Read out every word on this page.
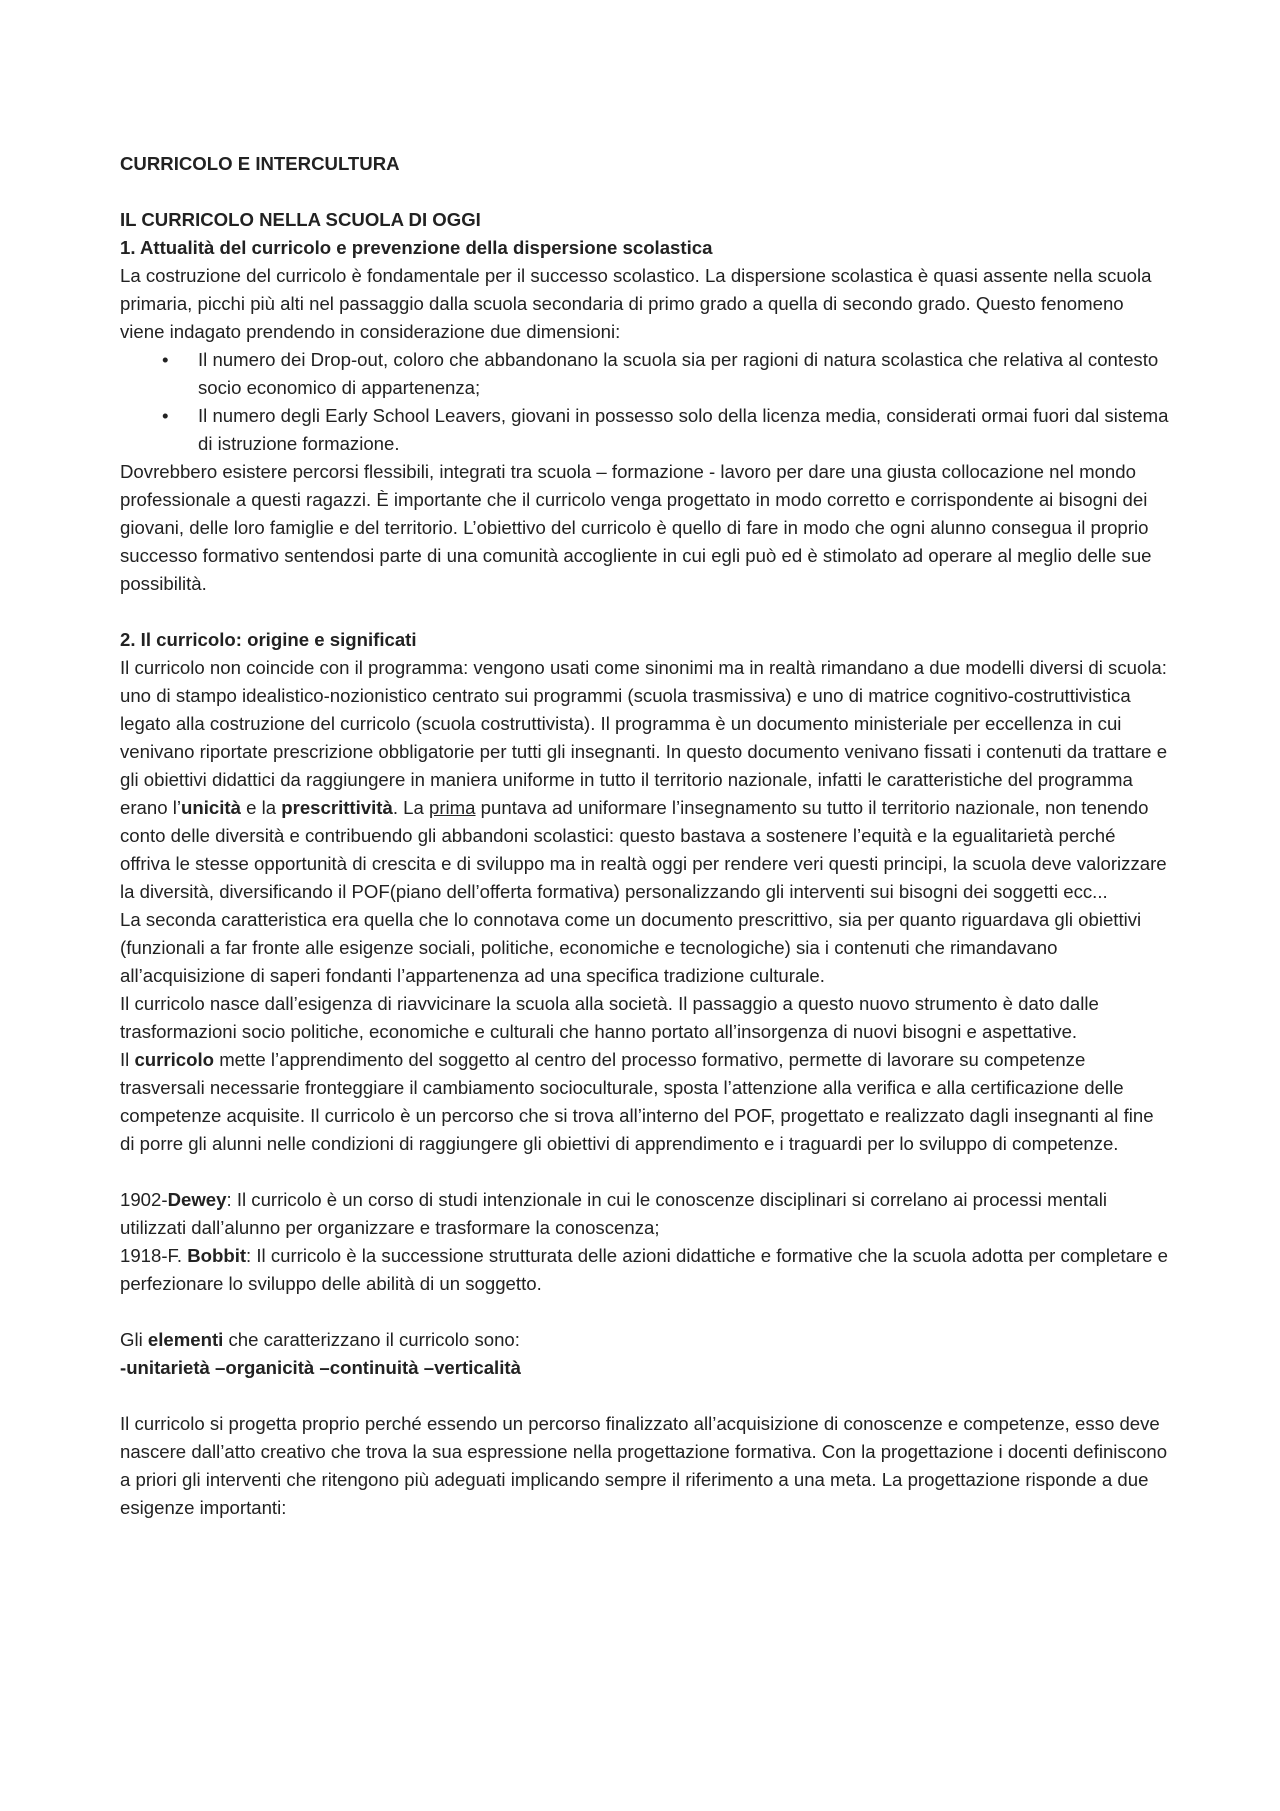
CURRICOLO E INTERCULTURA

IL CURRICOLO NELLA SCUOLA DI OGGI

1. Attualità del curricolo e prevenzione della dispersione scolastica

La costruzione del curricolo è fondamentale per il successo scolastico. La dispersione scolastica è quasi assente nella scuola primaria, picchi più alti nel passaggio dalla scuola secondaria di primo grado a quella di secondo grado. Questo fenomeno viene indagato prendendo in considerazione due dimensioni:

• Il numero dei Drop-out, coloro che abbandonano la scuola sia per ragioni di natura scolastica che relativa al contesto socio economico di appartenenza;
• Il numero degli Early School Leavers, giovani in possesso solo della licenza media, considerati ormai fuori dal sistema di istruzione formazione.

Dovrebbero esistere percorsi flessibili, integrati tra scuola – formazione - lavoro per dare una giusta collocazione nel mondo professionale a questi ragazzi. È importante che il curricolo venga progettato in modo corretto e corrispondente ai bisogni dei giovani, delle loro famiglie e del territorio. L’obiettivo del curricolo è quello di fare in modo che ogni alunno consegua il proprio successo formativo sentendosi parte di una comunità accogliente in cui egli può ed è stimolato ad operare al meglio delle sue possibilità.

2. Il curricolo: origine e significati

Il curricolo non coincide con il programma: vengono usati come sinonimi ma in realtà rimandano a due modelli diversi di scuola: uno di stampo idealistico-nozionistico centrato sui programmi (scuola trasmissiva) e uno di matrice cognitivo-costruttivistica legato alla costruzione del curricolo (scuola costruttivista). Il programma è un documento ministeriale per eccellenza in cui venivano riportate prescrizione obbligatorie per tutti gli insegnanti. In questo documento venivano fissati i contenuti da trattare e gli obiettivi didattici da raggiungere in maniera uniforme in tutto il territorio nazionale, infatti le caratteristiche del programma erano l’unicità e la prescrittività. La prima puntava ad uniformare l’insegnamento su tutto il territorio nazionale, non tenendo conto delle diversità e contribuendo gli abbandoni scolastici: questo bastava a sostenere l’equità e la egualitarietà perché offriva le stesse opportunità di crescita e di sviluppo ma in realtà oggi per rendere veri questi principi, la scuola deve valorizzare la diversità, diversificando il POF(piano dell’offerta formativa) personalizzando gli interventi sui bisogni dei soggetti ecc...

La seconda caratteristica era quella che lo connotava come un documento prescrittivo, sia per quanto riguardava gli obiettivi (funzionali a far fronte alle esigenze sociali, politiche, economiche e tecnologiche) sia i contenuti che rimandavano all’acquisizione di saperi fondanti l’appartenenza ad una specifica tradizione culturale.

Il curricolo nasce dall’esigenza di riavvicinare la scuola alla società. Il passaggio a questo nuovo strumento è dato dalle trasformazioni socio politiche, economiche e culturali che hanno portato all’insorgenza di nuovi bisogni e aspettative.

Il curricolo mette l’apprendimento del soggetto al centro del processo formativo, permette di lavorare su competenze trasversali necessarie fronteggiare il cambiamento socioculturale, sposta l’attenzione alla verifica e alla certificazione delle competenze acquisite. Il curricolo è un percorso che si trova all’interno del POF, progettato e realizzato dagli insegnanti al fine di porre gli alunni nelle condizioni di raggiungere gli obiettivi di apprendimento e i traguardi per lo sviluppo di competenze.

1902-Dewey: Il curricolo è un corso di studi intenzionale in cui le conoscenze disciplinari si correlano ai processi mentali utilizzati dall’alunno per organizzare e trasformare la conoscenza;

1918-F. Bobbit: Il curricolo è la successione strutturata delle azioni didattiche e formative che la scuola adotta per completare e perfezionare lo sviluppo delle abilità di un soggetto.

Gli elementi che caratterizzano il curricolo sono:

-unitarietà –organicità –continuità –verticalità

Il curricolo si progetta proprio perché essendo un percorso finalizzato all’acquisizione di conoscenze e competenze, esso deve nascere dall’atto creativo che trova la sua espressione nella progettazione formativa. Con la progettazione i docenti definiscono a priori gli interventi che ritengono più adeguati implicando sempre il riferimento a una meta. La progettazione risponde a due esigenze importanti:
